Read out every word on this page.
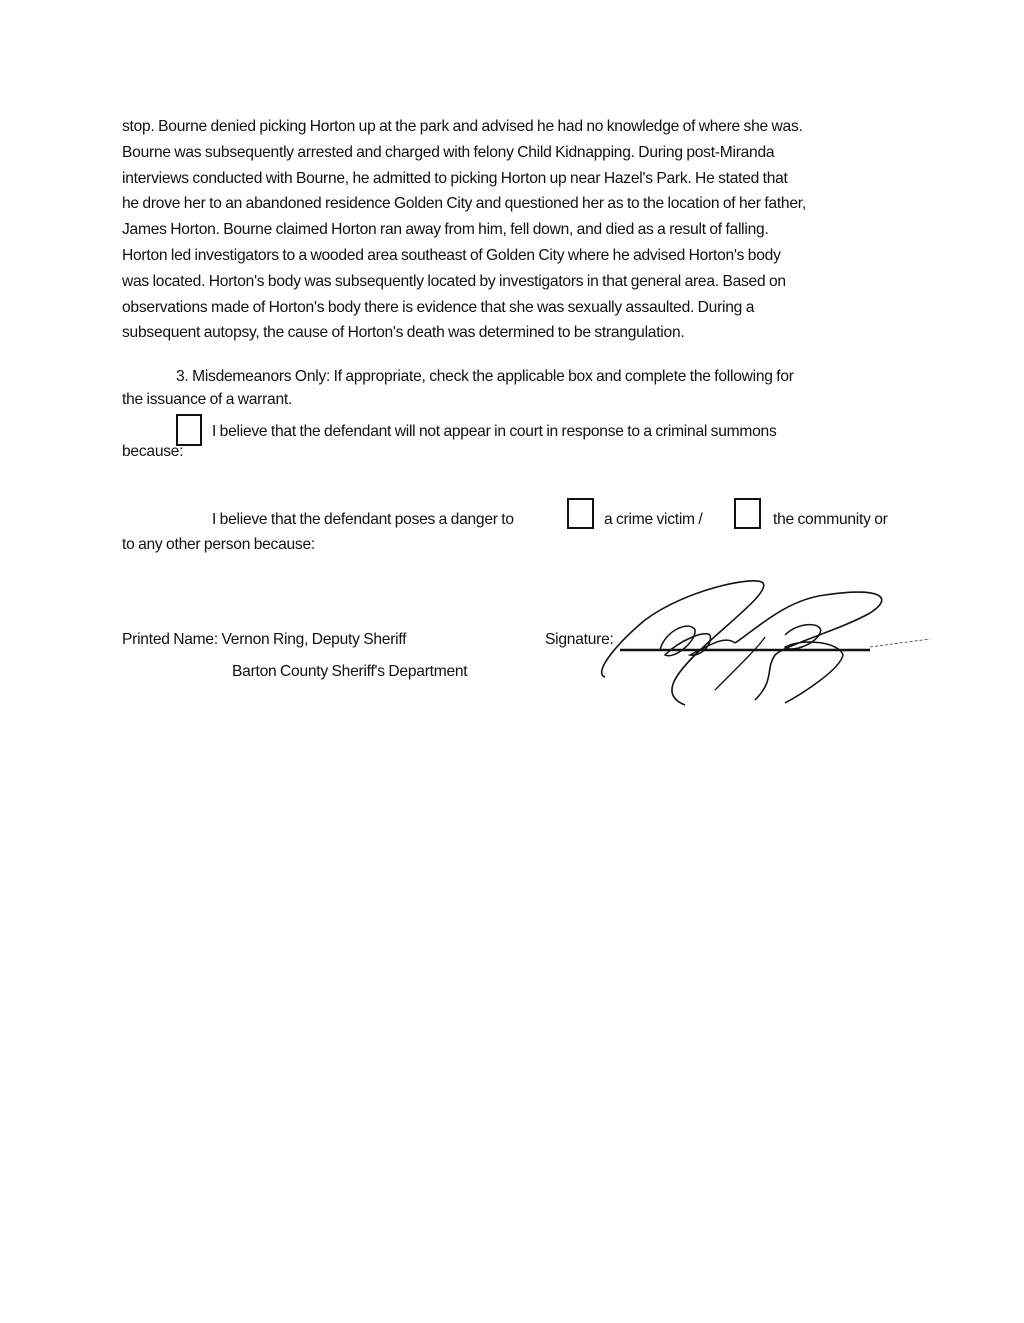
stop. Bourne denied picking Horton up at the park and advised he had no knowledge of where she was.
Bourne was subsequently arrested and charged with felony Child Kidnapping. During post-Miranda
interviews conducted with Bourne, he admitted to picking Horton up near Hazel's Park. He stated that
he drove her to an abandoned residence Golden City and questioned her as to the location of her father,
James Horton. Bourne claimed Horton ran away from him, fell down, and died as a result of falling.
Horton led investigators to a wooded area southeast of Golden City where he advised Horton's body
was located. Horton's body was subsequently located by investigators in that general area. Based on
observations made of Horton's body there is evidence that she was sexually assaulted. During a
subsequent autopsy, the cause of Horton's death was determined to be strangulation.
3. Misdemeanors Only: If appropriate, check the applicable box and complete the following for
the issuance of a warrant.
I believe that the defendant will not appear in court in response to a criminal summons
because:
I believe that the defendant poses a danger to	a crime victim /	the community or
to any other person because:
Printed Name: Vernon Ring, Deputy Sheriff
Barton County Sheriff's Department
Signature:
